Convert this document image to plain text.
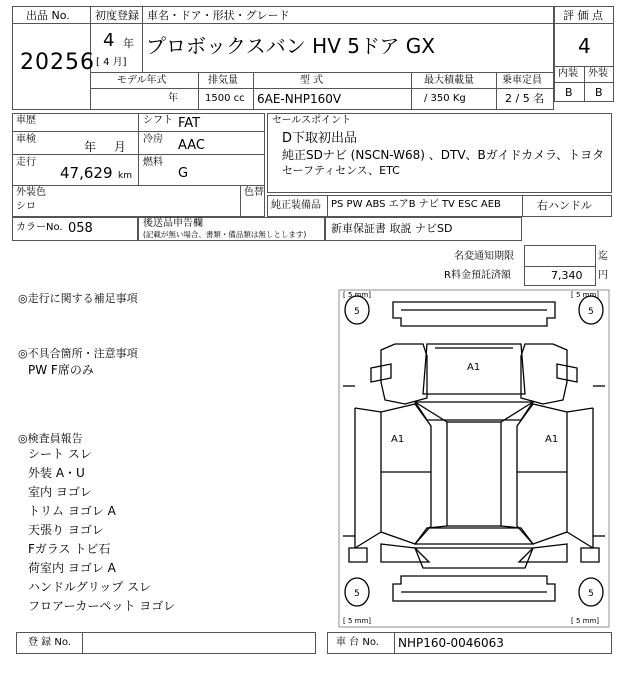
出品 No.
20256
初度登録 車名・ドア・形状・グレード
4 年
[ 4 月]
プロボックスバン HV 5ドア GX
評 価 点
4
内装 外装
B B
モデル年式	排気量	型 式	最大積載量	乗車定員
年	1500 cc 6AE-NHP160V	/ 350 Kg	2 / 5 名
車歴	シフト FAT
車検
年 月
冷房 AAC
走行
47,629 km
燃料
G
外装色
シロ
色替
カラーNo. 058	後送品申告欄
(記載が無い場合、書類・備品類は無しとします)
セールスポイント
D下取初出品
純正SDナビ (NSCN-W68) 、DTV、Bガイドカメラ、トヨタ
セーフティセンス、ETC
純正装備品 PS PW ABS エアB ナビ TV ESC AEB	右ハンドル
新車保証書 取説 ナビSD
名変通知期限	迄
R料金預託済額	7,340 円
◎走行に関する補足事項
◎不具合箇所・注意事項
PW F席のみ
◎検査員報告
シート スレ
外装 A・U
室内 ヨゴレ
トリム ヨゴレ A
天張り ヨゴレ
Fガラス トビ石
荷室内 ヨゴレ A
ハンドルグリップ スレ
フロアーカーペット ヨゴレ
[ 5 mm]	[ 5 mm]
[ 5 mm]	[ 5 mm]
5	5
5	5
A1
A1	A1
登 録 No.	車 台 No. NHP160-0046063
